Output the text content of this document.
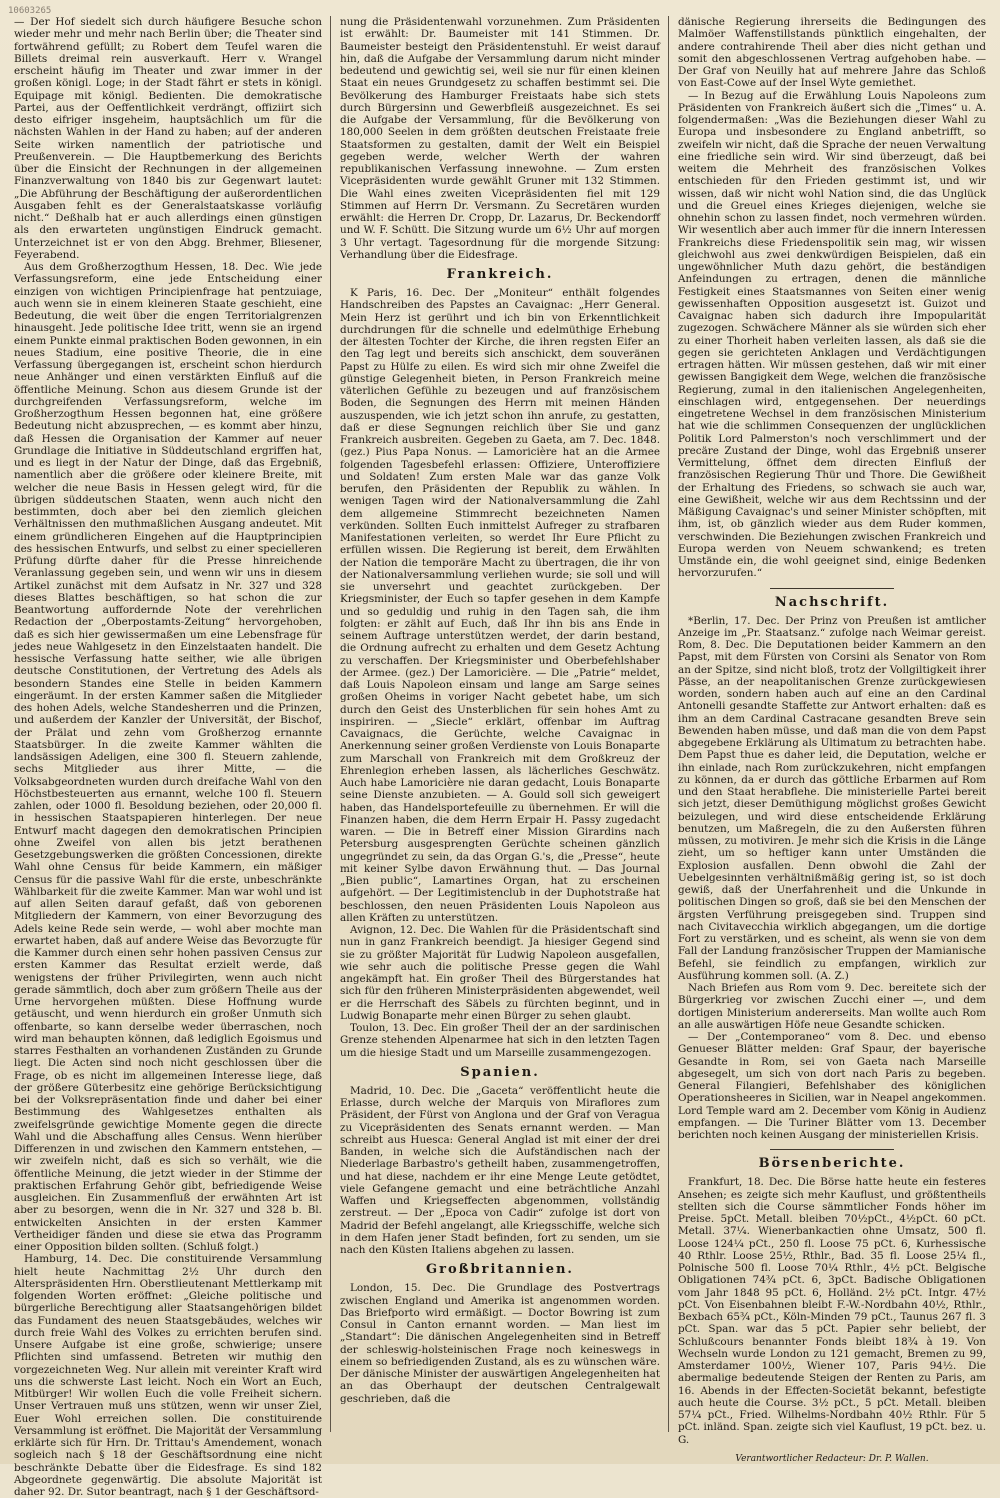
10603265

— Der Hof siedelt sich durch häufigere Besuche schon wieder mehr und mehr nach Berlin über; die Theater sind fortwährend gefüllt; zu Robert dem Teufel waren die Billets dreimal rein ausverkauft. Herr v. Wrangel erscheint häufig im Theater und zwar immer in der großen königl. Loge; in der Stadt fährt er stets in königl. Equipage mit königl. Bedienten. Die demokratische Partei, aus der Oeffentlichkeit verdrängt, offiziirt sich desto eifriger insgeheim, hauptsächlich um für die nächsten Wahlen in der Hand zu haben; auf der anderen Seite wirken namentlich der patriotische und Preußenverein. — Die Hauptbemerkung des Berichts über die Einsicht der Rechnungen in der allgemeinen Finanzverwaltung von 1840 bis zur Gegenwart lautet: „Die Abführung der Beschäftigung der außerordentlichen Ausgaben fehlt es der Generalstaatskasse vorläufig nicht.“ Deßhalb hat er auch allerdings einen günstigen als den erwarteten ungünstigen Eindruck gemacht. Unterzeichnet ist er von den Abgg. Brehmer, Bliesener, Feyerabend.

Aus dem Großherzogthum Hessen, 18. Dec. Wie jede Verfassungsreform, eine jede Entscheidung einer einzigen von wichtigen Principienfrage hat pentzuiage, auch wenn sie in einem kleineren Staate geschieht, eine Bedeutung, die weit über die engen Territorialgrenzen hinausgeht. Jede politische Idee tritt, wenn sie an irgend einem Punkte einmal praktischen Boden gewonnen, in ein neues Stadium, eine positive Theorie, die in eine Verfassung übergegangen ist, erscheint schon hierdurch neue Anhänger und einen verstärkten Einfluß auf die öffentliche Meinung. Schon aus diesem Grunde ist der durchgreifenden Verfassungsreform, welche im Großherzogthum Hessen begonnen hat, eine größere Bedeutung nicht abzusprechen, — es kommt aber hinzu, daß Hessen die Organisation der Kammer auf neuer Grundlage die Initiative in Süddeutschland ergriffen hat, und es liegt in der Natur der Dinge, daß das Ergebniß, namentlich aber die größere oder kleinere Breite, mit welcher die neue Basis in Hessen gelegt wird, für die übrigen süddeutschen Staaten, wenn auch nicht den bestimmten, doch aber bei den ziemlich gleichen Verhältnissen den muthmaßlichen Ausgang andeutet. Mit einem gründlicheren Eingehen auf die Hauptprincipien des hessischen Entwurfs, und selbst zu einer specielleren Prüfung dürfte daher für die Presse hinreichende Veranlassung gegeben sein, und wenn wir uns in diesem Artikel zunächst mit dem Aufsatz in Nr. 327 und 328 dieses Blattes beschäftigen, so hat schon die zur Beantwortung auffordernde Note der verehrlichen Redaction der „Oberpostamts-Zeitung“ hervorgehoben, daß es sich hier gewissermaßen um eine Lebensfrage für jedes neue Wahlgesetz in den Einzelstaaten handelt. Die hessische Verfassung hatte seither, wie alle übrigen deutsche Constitutionen, der Vertretung des Adels als besondern Standes eine Stelle in beiden Kammern eingeräumt. In der ersten Kammer saßen die Mitglieder des hohen Adels, welche Standesherren und die Prinzen, und außerdem der Kanzler der Universität, der Bischof, der Prälat und zehn vom Großherzog ernannte Staatsbürger. In die zweite Kammer wählten die landsässigen Adeligen, eine 300 fl. Steuern zahlende, sechs Mitglieder aus ihrer Mitte, — die Volksabgeordneten wurden durch dreifache Wahl von den Höchstbesteuerten aus ernannt, welche 100 fl. Steuern zahlen, oder 1000 fl. Besoldung beziehen, oder 20,000 fl. in hessischen Staatspapieren hinterlegen. Der neue Entwurf macht dagegen den demokratischen Principien ohne Zweifel von allen bis jetzt berathenen Gesetzgebungswerken die größten Concessionen, direkte Wahl ohne Census für beide Kammern, ein mäßiger Census für die passive Wahl für die erste, unbeschränkte Wählbarkeit für die zweite Kammer. Man war wohl und ist auf allen Seiten darauf gefaßt, daß von geborenen Mitgliedern der Kammern, von einer Bevorzugung des Adels keine Rede sein werde, — wohl aber mochte man erwartet haben, daß auf andere Weise das Bevorzugte für die Kammer durch einen sehr hohen passiven Census zur ersten Kammer das Resultat erzielt werde, daß wenigstens der früher Privilegirten, wenn auch nicht gerade sämmtlich, doch aber zum größern Theile aus der Urne hervorgehen müßten. Diese Hoffnung wurde getäuscht, und wenn hierdurch ein großer Unmuth sich offenbarte, so kann derselbe weder überraschen, noch wird man behaupten können, daß lediglich Egoismus und starres Festhalten an vorhandenen Zuständen zu Grunde liegt. Die Acten sind noch nicht geschlossen über die Frage, ob es nicht im allgemeinen Interesse liege, daß der größere Güterbesitz eine gehörige Berücksichtigung bei der Volksrepräsentation finde und daher bei einer Bestimmung des Wahlgesetzes enthalten als zweifelsgründe gewichtige Momente gegen die directe Wahl und die Abschaffung alles Census. Wenn hierüber Differenzen in und zwischen den Kammern entstehen, — wir zweifeln nicht, daß es sich so verhält, wie die öffentliche Meinung, die jetzt wieder in der Stimme der praktischen Erfahrung Gehör gibt, befriedigende Weise ausgleichen. Ein Zusammenfluß der erwähnten Art ist aber zu besorgen, wenn die in Nr. 327 und 328 b. Bl. entwickelten Ansichten in der ersten Kammer Vertheidiger fänden und diese sie etwa das Programm einer Opposition bilden sollten. (Schluß folgt.)

Hamburg, 14. Dec. Die constituirende Versammlung hielt heute Nachmittag 2½ Uhr durch den Alterspräsidenten Hrn. Oberstlieutenant Mettlerkamp mit folgenden Worten eröffnet: „Gleiche politische und bürgerliche Berechtigung aller Staatsangehörigen bildet das Fundament des neuen Staatsgebäudes, welches wir durch freie Wahl des Volkes zu errichten berufen sind. Unsere Aufgabe ist eine große, schwierige; unsere Pflichten sind umfassend. Betreten wir muthig den vorgezeichneten Weg. Nur allein mit vereinter Kraft wird uns die schwerste Last leicht. Noch ein Wort an Euch, Mitbürger! Wir wollen Euch die volle Freiheit sichern. Unser Vertrauen muß uns stützen, wenn wir unser Ziel, Euer Wohl erreichen sollen. Die constituirende Versammlung ist eröffnet. Die Majorität der Versammlung erklärte sich für Hrn. Dr. Trittau's Amendement, wonach sogleich nach § 18 der Geschäftsordnung eine nicht beschränkte Debatte über die Eidesfrage. Es sind 182 Abgeordnete gegenwärtig. Die absolute Majorität ist daher 92. Dr. Sutor beantragt, nach § 1 der Geschäftsord-

nung die Präsidentenwahl vorzunehmen. Zum Präsidenten ist erwählt: Dr. Baumeister mit 141 Stimmen. Dr. Baumeister besteigt den Präsidentenstuhl. Er weist darauf hin, daß die Aufgabe der Versammlung darum nicht minder bedeutend und gewichtig sei, weil sie nur für einen kleinen Staat ein neues Grundgesetz zu schaffen bestimmt sei. Die Bevölkerung des Hamburger Freistaats habe sich stets durch Bürgersinn und Gewerbfleiß ausgezeichnet. Es sei die Aufgabe der Versammlung, für die Bevölkerung von 180,000 Seelen in dem größten deutschen Freistaate freie Staatsformen zu gestalten, damit der Welt ein Beispiel gegeben werde, welcher Werth der wahren republikanischen Verfassung innewohne. — Zum ersten Vicepräsidenten wurde gewählt Gruner mit 132 Stimmen. Die Wahl eines zweiten Vicepräsidenten fiel mit 129 Stimmen auf Herrn Dr. Versmann. Zu Secretären wurden erwählt: die Herren Dr. Cropp, Dr. Lazarus, Dr. Beckendorff und W. F. Schütt. Die Sitzung wurde um 6½ Uhr auf morgen 3 Uhr vertagt. Tagesordnung für die morgende Sitzung: Verhandlung über die Eidesfrage.

Frankreich.

K Paris, 16. Dec. Der „Moniteur“ enthält folgendes Handschreiben des Papstes an Cavaignac: „Herr General. Mein Herz ist gerührt und ich bin von Erkenntlichkeit durchdrungen für die schnelle und edelmüthige Erhebung der ältesten Tochter der Kirche, die ihren regsten Eifer an den Tag legt und bereits sich anschickt, dem souveränen Papst zu Hülfe zu eilen. Es wird sich mir ohne Zweifel die günstige Gelegenheit bieten, in Person Frankreich meine väterlichen Gefühle zu bezeugen und auf französischem Boden, die Segnungen des Herrn mit meinen Händen auszuspenden, wie ich jetzt schon ihn anrufe, zu gestatten, daß er diese Segnungen reichlich über Sie und ganz Frankreich ausbreiten. Gegeben zu Gaeta, am 7. Dec. 1848. (gez.) Pius Papa Nonus. — Lamoricière hat an die Armee folgenden Tagesbefehl erlassen: Offiziere, Unteroffiziere und Soldaten! Zum ersten Male war das ganze Volk berufen, den Präsidenten der Republik zu wählen. In wenigen Tagen wird der Nationalversammlung die Zahl dem allgemeine Stimmrecht bezeichneten Namen verkünden. Sollten Euch inmittelst Aufreger zu strafbaren Manifestationen verleiten, so werdet Ihr Eure Pflicht zu erfüllen wissen. Die Regierung ist bereit, dem Erwählten der Nation die temporäre Macht zu übertragen, die ihr von der Nationalversammlung verliehen wurde; sie soll und will sie unversehrt und geachtet zurückgeben. Der Kriegsminister, der Euch so tapfer gesehen in dem Kampfe und so geduldig und ruhig in den Tagen sah, die ihm folgten: er zählt auf Euch, daß Ihr ihn bis ans Ende in seinem Auftrage unterstützen werdet, der darin bestand, die Ordnung aufrecht zu erhalten und dem Gesetz Achtung zu verschaffen. Der Kriegsminister und Oberbefehlshaber der Armee. (gez.) Der Lamoricière. — Die „Patrie“ meldet, daß Louis Napoleon einsam und lange am Sarge seines großen Oheims in voriger Nacht gebetet habe, um sich durch den Geist des Unsterblichen für sein hohes Amt zu inspiriren. — „Siecle“ erklärt, offenbar im Auftrag Cavaignacs, die Gerüchte, welche Cavaignac in Anerkennung seiner großen Verdienste von Louis Bonaparte zum Marschall von Frankreich mit dem Großkreuz der Ehrenlegion erheben lassen, als lächerliches Geschwätz. Auch habe Lamoricière nie daran gedacht, Louis Bonaparte seine Dienste anzubieten. — A. Gould soll sich geweigert haben, das Handelsportefeuille zu übernehmen. Er will die Finanzen haben, die dem Herrn Erpair H. Passy zugedacht waren. — Die in Betreff einer Mission Girardins nach Petersburg ausgesprengten Gerüchte scheinen gänzlich ungegründet zu sein, da das Organ G.'s, die „Presse“, heute mit keiner Sylbe davon Erwähnung thut. — Das Journal „Bien public“, Lamartines Organ, hat zu erscheinen aufgehört. — Der Legitimistenclub in der Duphotstraße hat beschlossen, den neuen Präsidenten Louis Napoleon aus allen Kräften zu unterstützen.

Avignon, 12. Dec. Die Wahlen für die Präsidentschaft sind nun in ganz Frankreich beendigt. Ja hiesiger Gegend sind sie zu größter Majorität für Ludwig Napoleon ausgefallen, wie sehr auch die politische Presse gegen die Wahl angekämpft hat. Ein großer Theil des Bürgerstandes hat sich für den früheren Ministerpräsidenten abgewendet, weil er die Herrschaft des Säbels zu fürchten beginnt, und in Ludwig Bonaparte mehr einen Bürger zu sehen glaubt.

Toulon, 13. Dec. Ein großer Theil der an der sardinischen Grenze stehenden Alpenarmee hat sich in den letzten Tagen um die hiesige Stadt und um Marseille zusammengezogen.

Spanien.

Madrid, 10. Dec. Die „Gaceta“ veröffentlicht heute die Erlasse, durch welche der Marquis von Miraflores zum Präsident, der Fürst von Anglona und der Graf von Veragua zu Vicepräsidenten des Senats ernannt werden. — Man schreibt aus Huesca: General Anglad ist mit einer der drei Banden, in welche sich die Aufständischen nach der Niederlage Barbastro's getheilt haben, zusammengetroffen, und hat diese, nachdem er ihr eine Menge Leute getödtet, viele Gefangene gemacht und eine beträchtliche Anzahl Waffen und Kriegseffecten abgenommen, vollständig zerstreut. — Der „Epoca von Cadir“ zufolge ist dort von Madrid der Befehl angelangt, alle Kriegsschiffe, welche sich in dem Hafen jener Stadt befinden, fort zu senden, um sie nach den Küsten Italiens abgehen zu lassen.

Großbritannien.

London, 15. Dec. Die Grundlage des Postvertrags zwischen England und Amerika ist angenommen worden. Das Briefporto wird ermäßigt. — Doctor Bowring ist zum Consul in Canton ernannt worden. — Man liest im „Standart“: Die dänischen Angelegenheiten sind in Betreff der schleswig-holsteinischen Frage noch keineswegs in einem so befriedigenden Zustand, als es zu wünschen wäre. Der dänische Minister der auswärtigen Angelegenheiten hat an das Oberhaupt der deutschen Centralgewalt geschrieben, daß die

dänische Regierung ihrerseits die Bedingungen des Malmöer Waffenstillstands pünktlich eingehalten, der andere contrahirende Theil aber dies nicht gethan und somit den abgeschlossenen Vertrag aufgehoben habe. — Der Graf von Neuilly hat auf mehrere Jahre das Schloß von East-Cowe auf der Insel Wyte gemiethet.

— In Bezug auf die Erwählung Louis Napoleons zum Präsidenten von Frankreich äußert sich die „Times“ u. A. folgendermaßen: „Was die Beziehungen dieser Wahl zu Europa und insbesondere zu England anbetrifft, so zweifeln wir nicht, daß die Sprache der neuen Verwaltung eine friedliche sein wird. Wir sind überzeugt, daß bei weitem die Mehrheit des französischen Volkes entschieden für den Frieden gestimmt ist, und wir wissen, daß wir nicht wohl Nation sind, die das Unglück und die Greuel eines Krieges diejenigen, welche sie ohnehin schon zu lassen findet, noch vermehren würden. Wir wesentlich aber auch immer für die innern Interessen Frankreichs diese Friedenspolitik sein mag, wir wissen gleichwohl aus zwei denkwürdigen Beispielen, daß ein ungewöhnlicher Muth dazu gehört, die beständigen Anfeindungen zu ertragen, denen die männliche Festigkeit eines Staatsmannes von Seiten einer wenig gewissenhaften Opposition ausgesetzt ist. Guizot und Cavaignac haben sich dadurch ihre Impopularität zugezogen. Schwächere Männer als sie würden sich eher zu einer Thorheit haben verleiten lassen, als daß sie die gegen sie gerichteten Anklagen und Verdächtigungen ertragen hätten. Wir müssen gestehen, daß wir mit einer gewissen Bangigkeit dem Wege, welchen die französische Regierung, zumal in den italienischen Angelegenheiten, einschlagen wird, entgegensehen. Der neuerdings eingetretene Wechsel in dem französischen Ministerium hat wie die schlimmen Consequenzen der unglücklichen Politik Lord Palmerston's noch verschlimmert und der precäre Zustand der Dinge, wohl das Ergebniß unserer Vermittelung, öffnet dem directen Einfluß der französischen Regierung Thür und Thore. Die Gewißheit der Erhaltung des Friedens, so schwach sie auch war, eine Gewißheit, welche wir aus dem Rechtssinn und der Mäßigung Cavaignac's und seiner Minister schöpften, mit ihm, ist, ob gänzlich wieder aus dem Ruder kommen, verschwinden. Die Beziehungen zwischen Frankreich und Europa werden von Neuem schwankend; es treten Umstände ein, die wohl geeignet sind, einige Bedenken hervorzurufen.“

Nachschrift.

*Berlin, 17. Dec. Der Prinz von Preußen ist amtlicher Anzeige im „Pr. Staatsanz.“ zufolge nach Weimar gereist. Rom, 8. Dec. Die Deputationen beider Kammern an den Papst, mit dem Fürsten von Corsini als Senator von Rom an der Spitze, sind nicht bloß, trotz der Vollgiltigkeit ihrer Pässe, an der neapolitanischen Grenze zurückgewiesen worden, sondern haben auch auf eine an den Cardinal Antonelli gesandte Staffette zur Antwort erhalten: daß es ihm an dem Cardinal Castracane gesandten Breve sein Bewenden haben müsse, und daß man die von dem Papst abgegebene Erklärung als Ultimatum zu betrachten habe. Dem Papst thue es daher leid, die Deputation, welche er ihn einlade, nach Rom zurückzukehren, nicht empfangen zu können, da er durch das göttliche Erbarmen auf Rom und den Staat herabflehe. Die ministerielle Partei bereit sich jetzt, dieser Demüthigung möglichst großes Gewicht beizulegen, und wird diese entscheidende Erklärung benutzen, um Maßregeln, die zu den Außersten führen müssen, zu motiviren. Je mehr sich die Krisis in die Länge zieht, um so heftiger kann unter Umständen die Explosion ausfallen. Denn obwohl die Zahl der Uebelgesinnten verhältnißmäßig gering ist, so ist doch gewiß, daß der Unerfahrenheit und die Unkunde in politischen Dingen so groß, daß sie bei den Menschen der ärgsten Verführung preisgegeben sind. Truppen sind nach Civitavecchia wirklich abgegangen, um die dortige Fort zu verstärken, und es scheint, als wenn sie von dem Fall der Landung französischer Truppen der Mamianische Befehl, sie feindlich zu empfangen, wirklich zur Ausführung kommen soll. (A. Z.)

Nach Briefen aus Rom vom 9. Dec. bereitete sich der Bürgerkrieg vor zwischen Zucchi einer —, und dem dortigen Ministerium andererseits. Man wollte auch Rom an alle auswärtigen Höfe neue Gesandte schicken.

— Der „Contemporaneo“ vom 8. Dec. und ebenso Genueser Blätter melden: Graf Spaur, der bayerische Gesandte in Rom, sei von Gaeta nach Marseille abgesegelt, um sich von dort nach Paris zu begeben. General Filangieri, Befehlshaber des königlichen Operationsheeres in Sicilien, war in Neapel angekommen. Lord Temple ward am 2. December vom König in Audienz empfangen. — Die Turiner Blätter vom 13. December berichten noch keinen Ausgang der ministeriellen Krisis.

Börsenberichte.

Frankfurt, 18. Dec. Die Börse hatte heute ein festeres Ansehen; es zeigte sich mehr Kauflust, und größtentheils stellten sich die Course sämmtlicher Fonds höher im Preise. 5pCt. Metall. bleiben 70½pCt., 4½pCt. 60 pCt. Metall. 37¼. Wienerbankactien ohne Umsatz, 500 fl. Loose 124¼ pCt., 250 fl. Loose 75 pCt. 6, Kurhessische 40 Rthlr. Loose 25½, Rthlr., Bad. 35 fl. Loose 25¼ fl., Polnische 500 fl. Loose 70¼ Rthlr., 4½ pCt. Belgische Obligationen 74¾ pCt. 6, 3pCt. Badische Obligationen vom Jahr 1848 95 pCt. 6, Holländ. 2½ pCt. Intgr. 47½ pCt. Von Eisenbahnen bleibt F.-W.-Nordbahn 40½, Rthlr., Bexbach 65¾ pCt., Köln-Minden 79 pCt., Taunus 267 fl. 3 pCt. Span. war das 5 pCt. Papier sehr beliebt, der Schlußcours benannter Fonds bleibt 18¾ à 19. Von Wechseln wurde London zu 121 gemacht, Bremen zu 99, Amsterdamer 100½, Wiener 107, Paris 94½. Die abermalige bedeutende Steigen der Renten zu Paris, am 16. Abends in der Effecten-Societät bekannt, befestigte auch heute die Course. 3½ pCt., 5 pCt. Metall. bleiben 57¼ pCt., Fried. Wilhelms-Nordbahn 40½ Rthlr. Für 5 pCt. inländ. Span. zeigte sich viel Kauflust, 19 pCt. bez. u. G.

Verantwortlicher Redacteur: Dr. P. Wallen.
